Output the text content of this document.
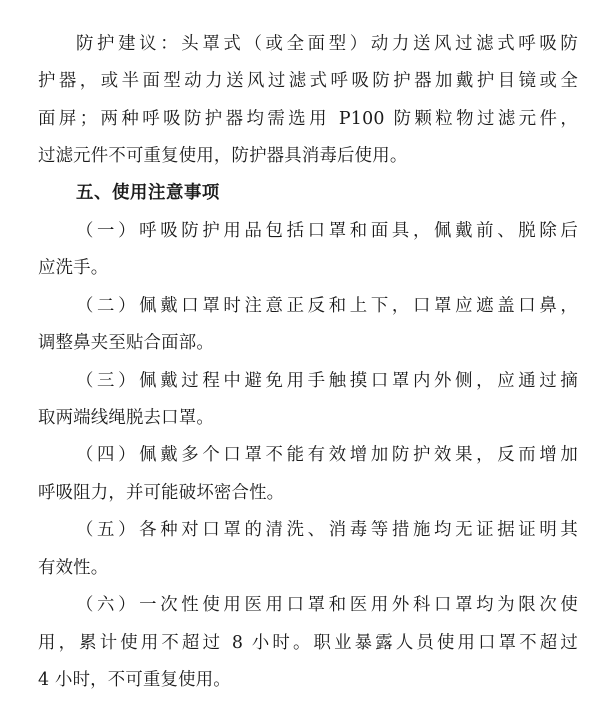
防护建议：头罩式（或全面型）动力送风过滤式呼吸防
护器，或半面型动力送风过滤式呼吸防护器加戴护目镜或全
面屏；两种呼吸防护器均需选用 P100 防颗粒物过滤元件，
过滤元件不可重复使用，防护器具消毒后使用。
五、使用注意事项
（一）呼吸防护用品包括口罩和面具，佩戴前、脱除后
应洗手。
（二）佩戴口罩时注意正反和上下，口罩应遮盖口鼻，
调整鼻夹至贴合面部。
（三）佩戴过程中避免用手触摸口罩内外侧，应通过摘
取两端线绳脱去口罩。
（四）佩戴多个口罩不能有效增加防护效果，反而增加
呼吸阻力，并可能破坏密合性。
（五）各种对口罩的清洗、消毒等措施均无证据证明其
有效性。
（六）一次性使用医用口罩和医用外科口罩均为限次使
用，累计使用不超过 8 小时。职业暴露人员使用口罩不超过
4 小时，不可重复使用。
